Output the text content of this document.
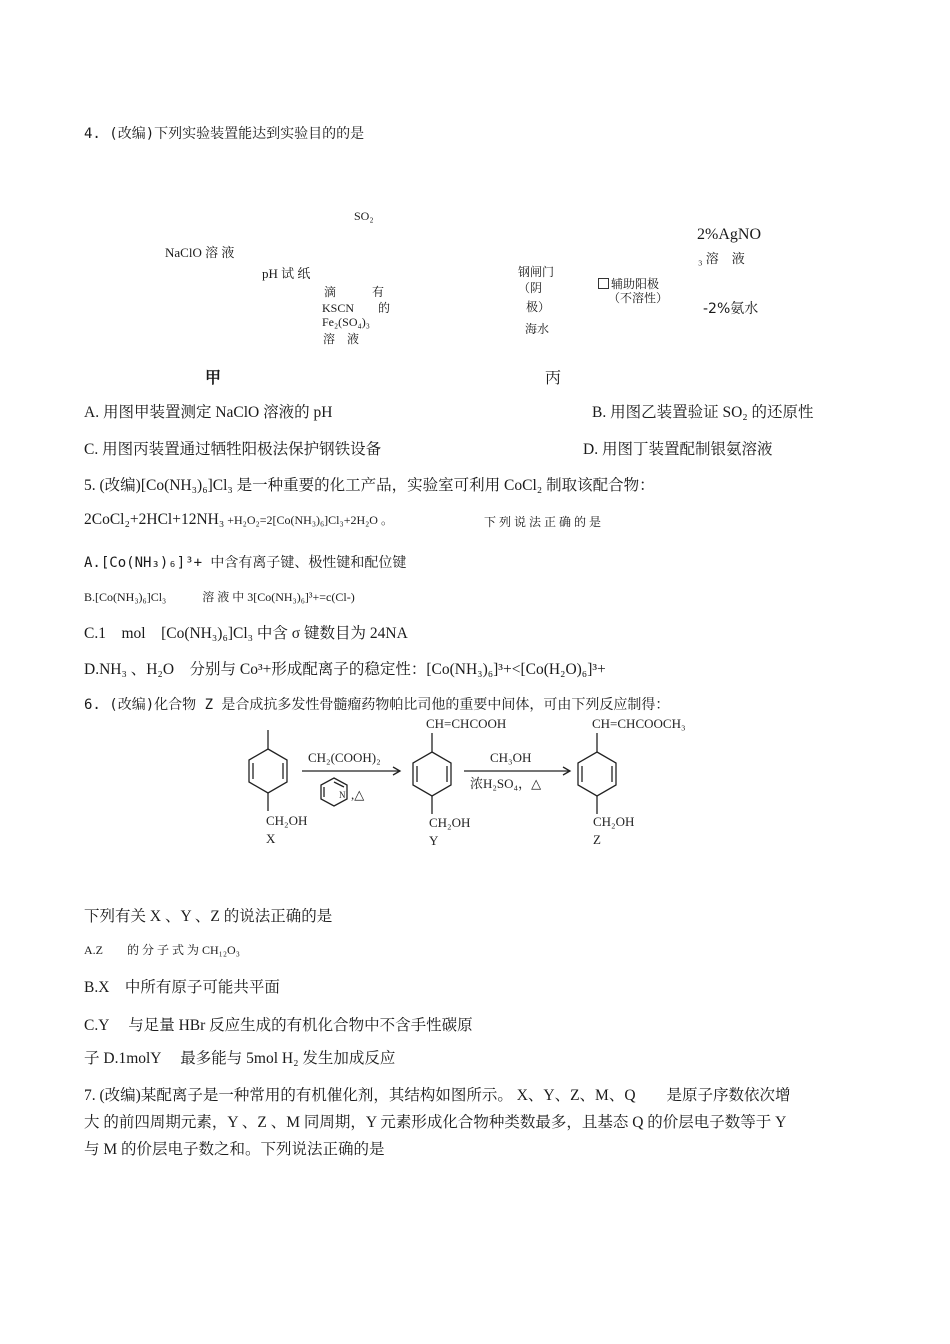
4. (改编)下列实验装置能达到实验目的的是
SO₂
NaClO 溶 液
pH 试 纸
滴　　　有
KSCN　　的
Fe₂(SO₄)₃
溶　液
钢闸门
（阴
极）
海水
辅助阳极
（不溶性）
2%AgNO
₃ 溶　液
-2%氨水
甲	丙
A. 用图甲装置测定 NaClO 溶液的 pH	B. 用图乙装置验证 SO₂ 的还原性
C. 用图丙装置通过牺牲阳极法保护钢铁设备	D. 用图丁装置配制银氨溶液
5. (改编)[Co(NH₃)₆]Cl₃ 是一种重要的化工产品，实验室可利用 CoCl₂ 制取该配合物：
2CoCl₂+2HCl+12NH₃ +H₂O₂=2[Co(NH₃)₆]Cl₃+2H₂O 。	下 列 说 法 正 确 的 是
A.[Co(NH₃)₆]³+ 中含有离子键、极性键和配位键
B.[Co(NH₃)₆]Cl₃　　　溶 液 中 3[Co(NH₃)₆]³+=c(Cl-)
C.1　mol　[Co(NH₃)₆]Cl₃ 中含 σ 键数目为 24NA
D.NH₃ 、H₂O　分别与 Co³+形成配离子的稳定性：[Co(NH₃)₆]³+<[Co(H₂O)₆]³+
6. (改编)化合物 Z 是合成抗多发性骨髓瘤药物帕比司他的重要中间体，可由下列反应制得：
CH=CHCOOH	CH=CHCOOCH₃
CH₂(COOH)₂
N ,△
CH₃OH
浓H₂SO₄，△
CH₂OH
X
CH₂OH
Y
CH₂OH
Z
下列有关 X 、Y 、Z 的说法正确的是
A.Z　　的 分 子 式 为 CH₁₂O₃
B.X　中所有原子可能共平面
C.Y　 与足量 HBr 反应生成的有机化合物中不含手性碳原
子 D.1molY　 最多能与 5mol H₂ 发生加成反应
7. (改编)某配离子是一种常用的有机催化剂，其结构如图所示。 X、Y、Z、M、Q　　是原子序数依次增
大 的前四周期元素，Y 、Z 、M 同周期，Y 元素形成化合物种类数最多，且基态 Q 的价层电子数等于 Y
与 M 的价层电子数之和。下列说法正确的是
